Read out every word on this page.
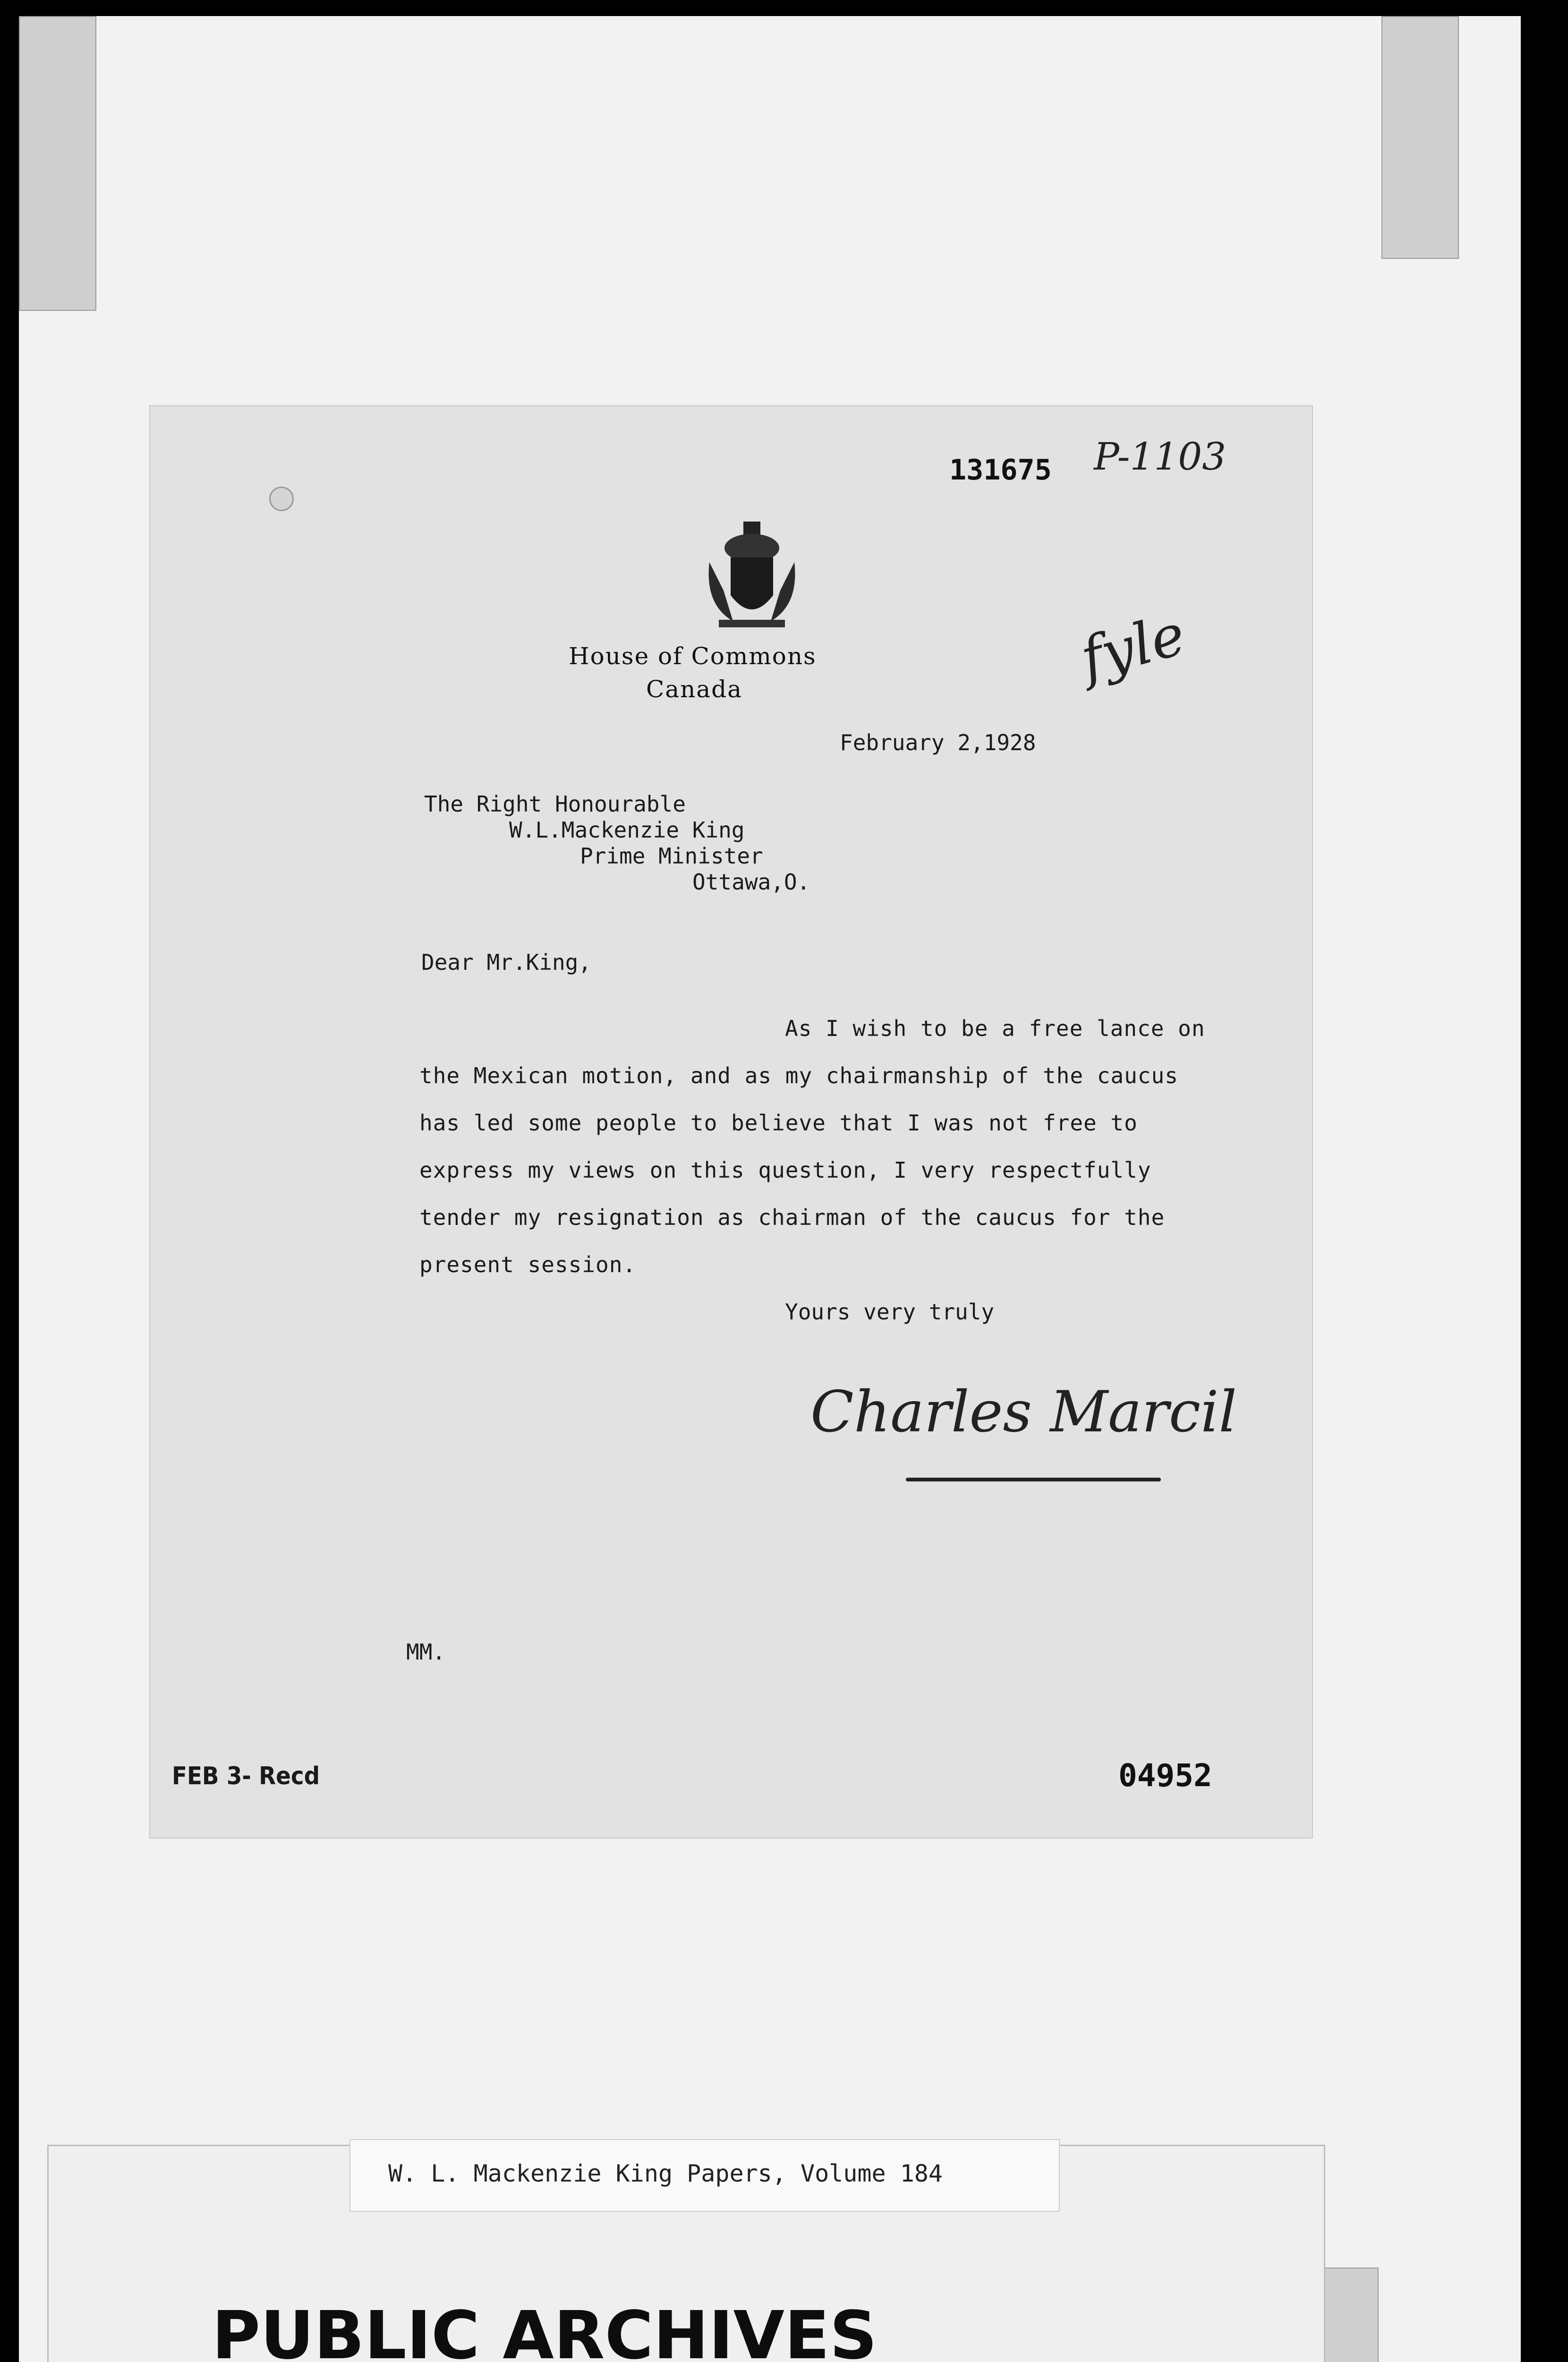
131675 P-1103
fyle

House of Commons
Canada
February 2,1928
The Right Honourable
W.L.Mackenzie King
Prime Minister
Ottawa,O.
Dear Mr.King,
As I wish to be a free lance on
the Mexican motion, and as my chairmanship of the caucus
has led some people to believe that I was not free to
express my views on this question, I very respectfully
tender my resignation as chairman of the caucus for the
present session.
Yours very truly
Charles Marcil
MM.
FEB 3- Recd	04952
PUBLIC ARCHIVES
W. L. Mackenzie King Papers, Volume 184
